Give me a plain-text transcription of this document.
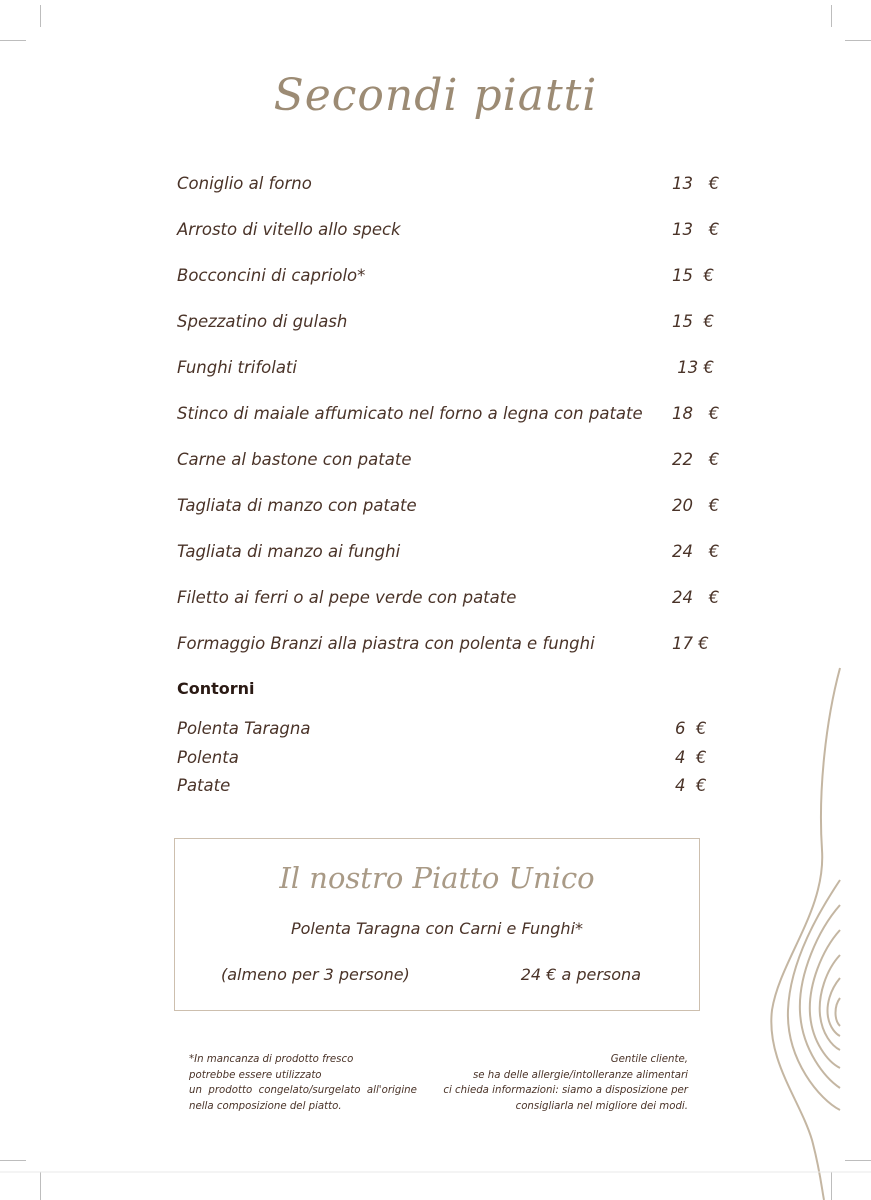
Secondi piatti
Coniglio al forno	13   €
Arrosto di vitello allo speck	13   €
Bocconcini di capriolo*	15  €
Spezzatino di gulash	15  €
Funghi trifolati	13 €
Stinco di maiale affumicato nel forno a legna con patate 18   €
Carne al bastone con patate	22   €
Tagliata di manzo con patate	20   €
Tagliata di manzo ai funghi	24   €
Filetto ai ferri o al pepe verde con patate	24   €
Formaggio Branzi alla piastra con polenta e funghi	17 €
Contorni
Polenta Taragna	6  €
Polenta	4  €
Patate	4  €
Il nostro Piatto Unico
Polenta Taragna con Carni e Funghi*
(almeno per 3 persone)	24 € a persona
*In mancanza di prodotto fresco
potrebbe essere utilizzato
un  prodotto  congelato/surgelato  all'origine
nella composizione del piatto.
Gentile cliente,
se ha delle allergie/intolleranze alimentari
ci chieda informazioni: siamo a disposizione per
consigliarla nel migliore dei modi.
